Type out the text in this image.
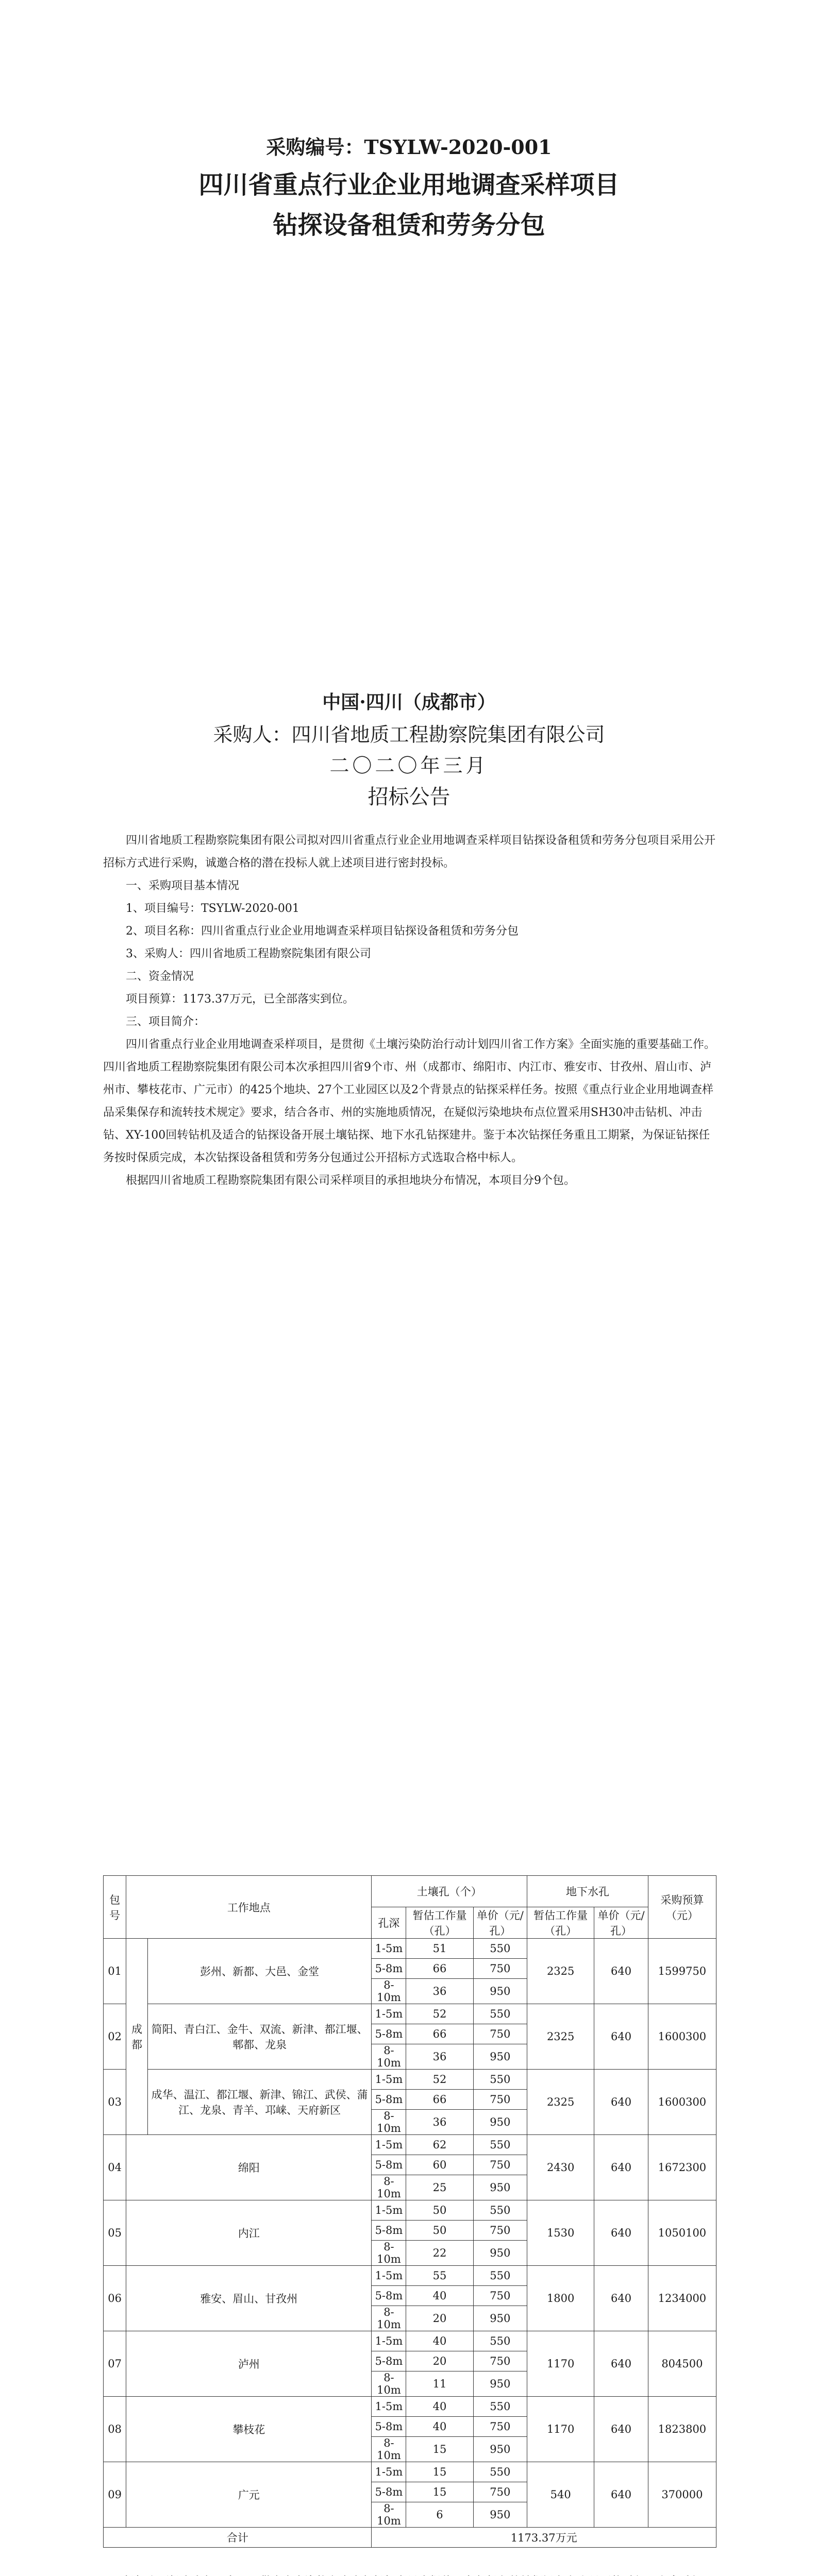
采购编号：TSYLW-2020-001
四川省重点行业企业用地调查采样项目
钻探设备租赁和劳务分包
中国·四川（成都市）
采购人：四川省地质工程勘察院集团有限公司
二〇二〇年三月
招标公告

四川省地质工程勘察院集团有限公司拟对四川省重点行业企业用地调查采样项目钻探设备租赁和劳务分包项目采用公开招标方式进行采购，诚邀合格的潜在投标人就上述项目进行密封投标。

一、采购项目基本情况

1、项目编号：TSYLW-2020-001

2、项目名称：四川省重点行业企业用地调查采样项目钻探设备租赁和劳务分包

3、采购人：四川省地质工程勘察院集团有限公司

二、资金情况

项目预算：1173.37万元，已全部落实到位。

三、项目简介：

四川省重点行业企业用地调查采样项目，是贯彻《土壤污染防治行动计划四川省工作方案》全面实施的重要基础工作。四川省地质工程勘察院集团有限公司本次承担四川省9个市、州（成都市、绵阳市、内江市、雅安市、甘孜州、眉山市、泸州市、攀枝花市、广元市）的425个地块、27个工业园区以及2个背景点的钻探采样任务。按照《重点行业企业用地调查样品采集保存和流转技术规定》要求，结合各市、州的实施地质情况，在疑似污染地块布点位置采用SH30冲击钻机、冲击钻、XY-100回转钻机及适合的钻探设备开展土壤钻探、地下水孔钻探建井。鉴于本次钻探任务重且工期紧，为保证钻探任务按时保质完成，本次钻探设备租赁和劳务分包通过公开招标方式选取合格中标人。

根据四川省地质工程勘察院集团有限公司采样项目的承担地块分布情况，本项目分9个包。

包号	工作地点		土壤孔（个）			地下水孔		采购预算（元）
			孔深	暂估工作量（孔）	单价（元/孔）	暂估工作量（孔）	单价（元/孔）	
01	成都	彭州、新都、大邑、金堂	1-5m	51	550	2325	640	1599750
			5-8m	66	750			
			8-10m	36	950			
02		简阳、青白江、金牛、双流、新津、都江堰、郫都、龙泉	1-5m	52	550	2325	640	1600300
			5-8m	66	750			
			8-10m	36	950			
03		成华、温江、都江堰、新津、锦江、武侯、蒲江、龙泉、青羊、邛崃、天府新区	1-5m	52	550	2325	640	1600300
			5-8m	66	750			
			8-10m	36	950			
04	绵阳		1-5m	62	550	2430	640	1672300
			5-8m	60	750			
			8-10m	25	950			
05	内江		1-5m	50	550	1530	640	1050100
			5-8m	50	750			
			8-10m	22	950			
06	雅安、眉山、甘孜州		1-5m	55	550	1800	640	1234000
			5-8m	40	750			
			8-10m	20	950			
07	泸州		1-5m	40	550	1170	640	804500
			5-8m	20	750			
			8-10m	11	950			
08	攀枝花		1-5m	40	550	1170	640	1823800
			5-8m	40	750			
			8-10m	15	950			
09	广元		1-5m	15	550	540	640	370000
			5-8m	15	750			
			8-10m	6	950			
合计			1173.37万元					
1.
